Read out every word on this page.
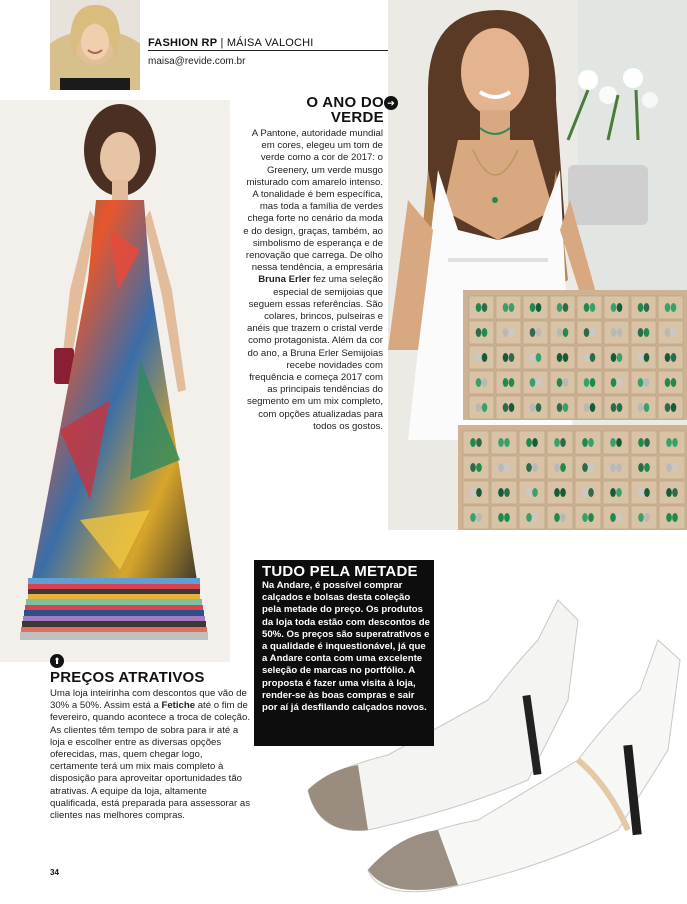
FASHION RP | MÁISA VALOCHI
maisa@revide.com.br
O ANO DO
VERDE
➔
A Pantone, autoridade mundial em cores, elegeu um tom de verde como a cor de 2017: o Greenery, um verde musgo misturado com amarelo intenso. A tonalidade é bem específica, mas toda a família de verdes chega forte no cenário da moda e do design, graças, também, ao simbolismo de esperança e de renovação que carrega. De olho nessa tendência, a empresária Bruna Erler fez uma seleção especial de semijoias que seguem essas referências. São colares, brincos, pulseiras e anéis que trazem o cristal verde como protagonista. Além da cor do ano, a Bruna Erler Semijoias recebe novidades com frequência e começa 2017 com as principais tendências do segmento em um mix completo, com opções atualizadas para todos os gostos.
TUDO PELA METADE
Na Andare, é possível comprar calçados e bolsas desta coleção pela metade do preço. Os produtos da loja toda estão com descontos de 50%. Os preços são superatrativos e a qualidade é inquestionável, já que a Andare conta com uma excelente seleção de marcas no portfólio. A proposta é fazer uma visita à loja, render-se às boas compras e sair por aí já desfilando calçados novos.
⬆
PREÇOS ATRATIVOS
Uma loja inteirinha com descontos que vão de 30% a 50%. Assim está a Fetiche até o fim de fevereiro, quando acontece a troca de coleção. As clientes têm tempo de sobra para ir até a loja e escolher entre as diversas opções oferecidas, mas, quem chegar logo, certamente terá um mix mais completo à disposição para aproveitar oportunidades tão atrativas. A equipe da loja, altamente qualificada, está preparada para assessorar as clientes nas melhores compras.
34
